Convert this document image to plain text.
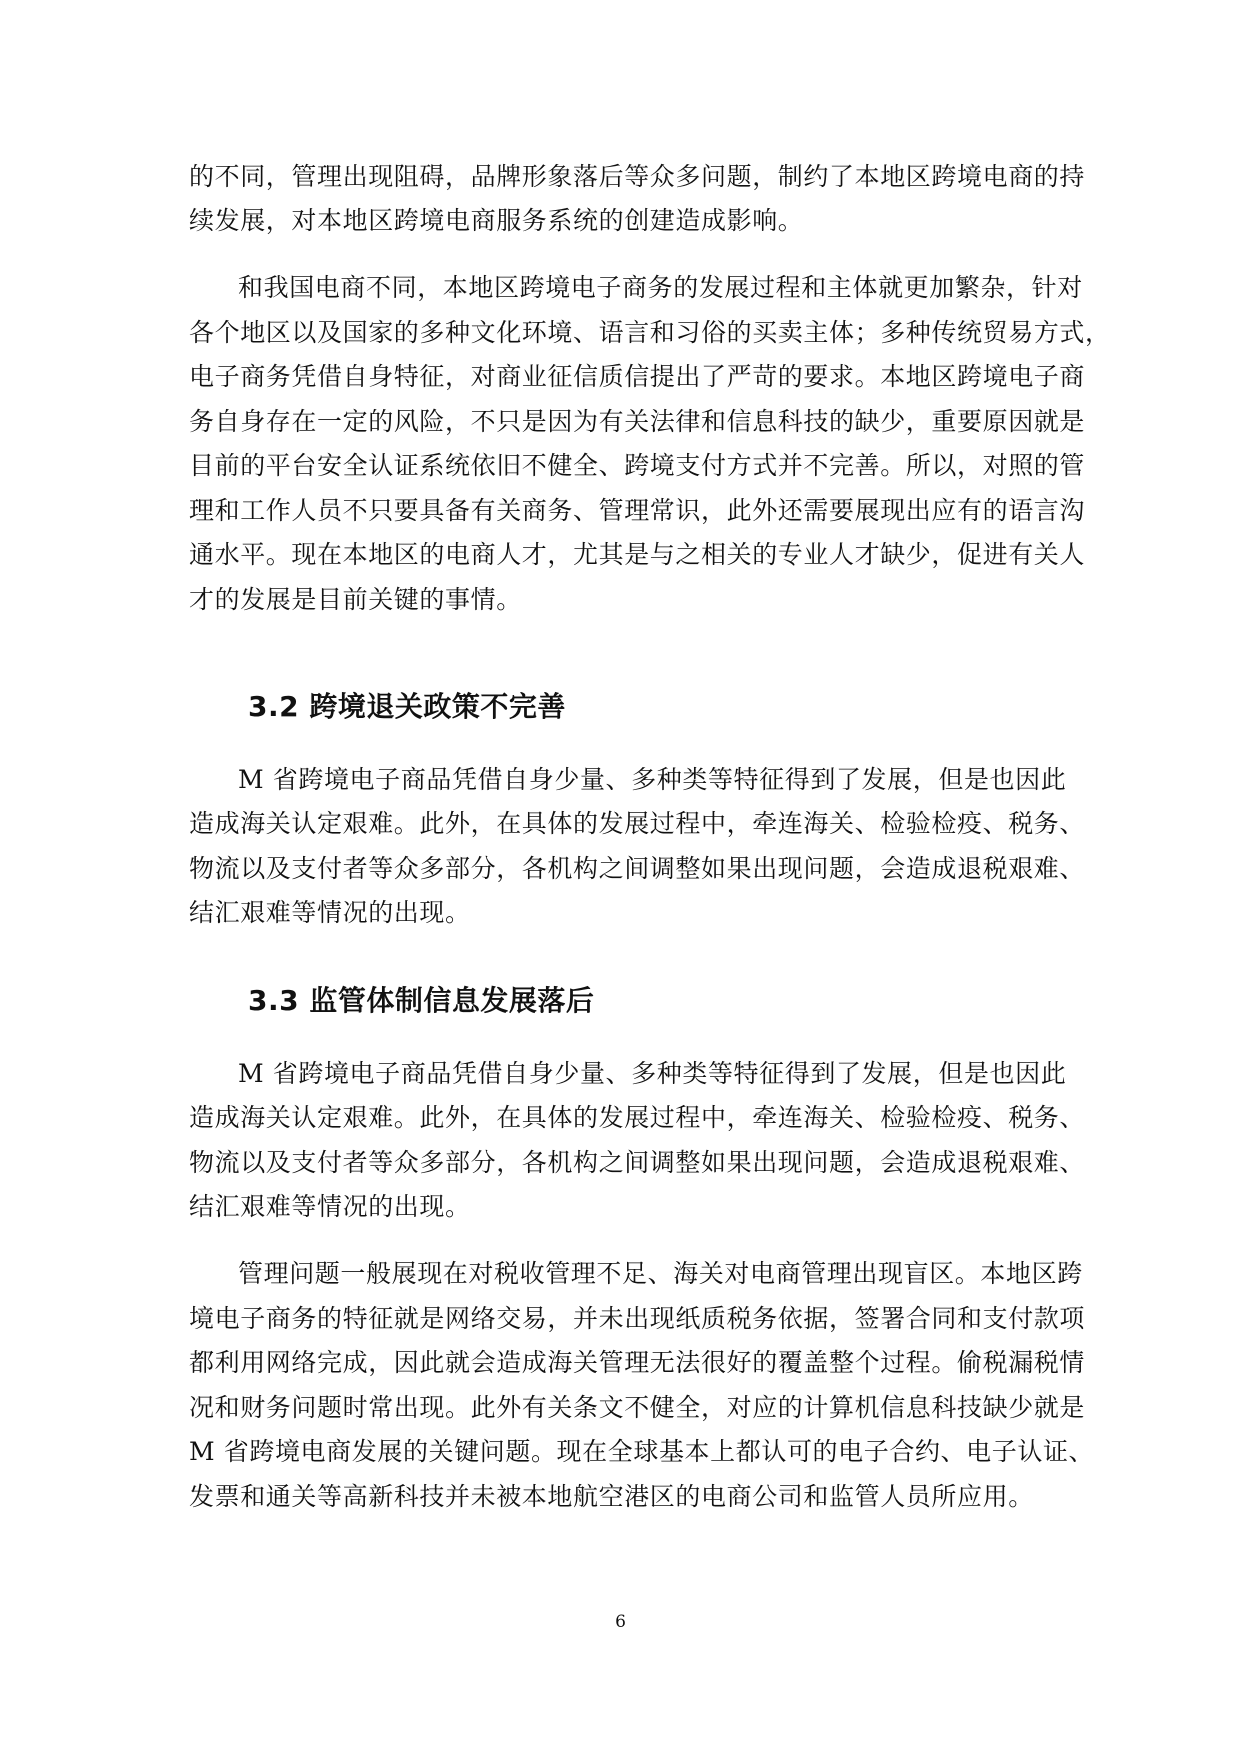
的不同，管理出现阻碍，品牌形象落后等众多问题，制约了本地区跨境电商的持
续发展，对本地区跨境电商服务系统的创建造成影响。
和我国电商不同，本地区跨境电子商务的发展过程和主体就更加繁杂，针对
各个地区以及国家的多种文化环境、语言和习俗的买卖主体；多种传统贸易方式，
电子商务凭借自身特征，对商业征信质信提出了严苛的要求。本地区跨境电子商
务自身存在一定的风险，不只是因为有关法律和信息科技的缺少，重要原因就是
目前的平台安全认证系统依旧不健全、跨境支付方式并不完善。所以，对照的管
理和工作人员不只要具备有关商务、管理常识，此外还需要展现出应有的语言沟
通水平。现在本地区的电商人才，尤其是与之相关的专业人才缺少，促进有关人
才的发展是目前关键的事情。
3.2 跨境退关政策不完善
M 省跨境电子商品凭借自身少量、多种类等特征得到了发展，但是也因此
造成海关认定艰难。此外，在具体的发展过程中，牵连海关、检验检疫、税务、
物流以及支付者等众多部分，各机构之间调整如果出现问题，会造成退税艰难、
结汇艰难等情况的出现。
3.3 监管体制信息发展落后
M 省跨境电子商品凭借自身少量、多种类等特征得到了发展，但是也因此
造成海关认定艰难。此外，在具体的发展过程中，牵连海关、检验检疫、税务、
物流以及支付者等众多部分，各机构之间调整如果出现问题，会造成退税艰难、
结汇艰难等情况的出现。
管理问题一般展现在对税收管理不足、海关对电商管理出现盲区。本地区跨
境电子商务的特征就是网络交易，并未出现纸质税务依据，签署合同和支付款项
都利用网络完成，因此就会造成海关管理无法很好的覆盖整个过程。偷税漏税情
况和财务问题时常出现。此外有关条文不健全，对应的计算机信息科技缺少就是
M 省跨境电商发展的关键问题。现在全球基本上都认可的电子合约、电子认证、
发票和通关等高新科技并未被本地航空港区的电商公司和监管人员所应用。
6
